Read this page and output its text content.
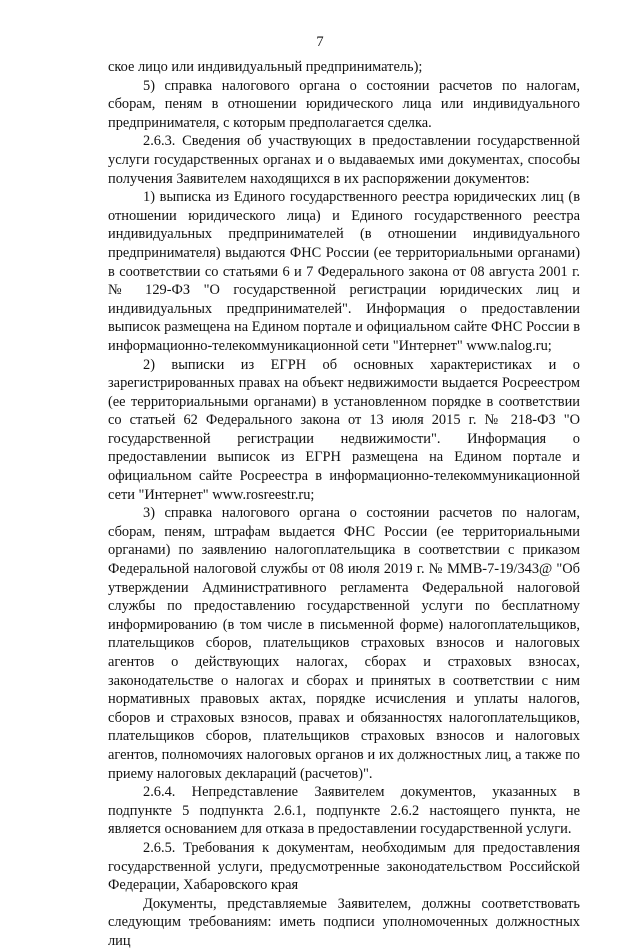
7

ское лицо или индивидуальный предприниматель);

5) справка налогового органа о состоянии расчетов по налогам, сборам, пеням в отношении юридического лица или индивидуального предпринимателя, с которым предполагается сделка.

2.6.3. Сведения об участвующих в предоставлении государственной услуги государственных органах и о выдаваемых ими документах, способы получения Заявителем находящихся в их распоряжении документов:

1) выписка из Единого государственного реестра юридических лиц (в отношении юридического лица) и Единого государственного реестра индивидуальных предпринимателей (в отношении индивидуального предпринимателя) выдаются ФНС России (ее территориальными органами) в соответствии со статьями 6 и 7 Федерального закона от 08 августа 2001 г. № 129-ФЗ "О государственной регистрации юридических лиц и индивидуальных предпринимателей". Информация о предоставлении выписок размещена на Едином портале и официальном сайте ФНС России в информационно-телекоммуникационной сети "Интернет" www.nalog.ru;

2) выписки из ЕГРН об основных характеристиках и о зарегистрированных правах на объект недвижимости выдается Росреестром (ее территориальными органами) в установленном порядке в соответствии со статьей 62 Федерального закона от 13 июля 2015 г. № 218-ФЗ "О государственной регистрации недвижимости". Информация о предоставлении выписок из ЕГРН размещена на Едином портале и официальном сайте Росреестра в информационно-телекоммуникационной сети "Интернет" www.rosreestr.ru;

3) справка налогового органа о состоянии расчетов по налогам, сборам, пеням, штрафам выдается ФНС России (ее территориальными органами) по заявлению налогоплательщика в соответствии с приказом Федеральной налоговой службы от 08 июля 2019 г. № ММВ-7-19/343@ "Об утверждении Административного регламента Федеральной налоговой службы по предоставлению государственной услуги по бесплатному информированию (в том числе в письменной форме) налогоплательщиков, плательщиков сборов, плательщиков страховых взносов и налоговых агентов о действующих налогах, сборах и страховых взносах, законодательстве о налогах и сборах и принятых в соответствии с ним нормативных правовых актах, порядке исчисления и уплаты налогов, сборов и страховых взносов, правах и обязанностях налогоплательщиков, плательщиков сборов, плательщиков страховых взносов и налоговых агентов, полномочиях налоговых органов и их должностных лиц, а также по приему налоговых деклараций (расчетов)".

2.6.4. Непредставление Заявителем документов, указанных в подпункте 5 подпункта 2.6.1, подпункте 2.6.2 настоящего пункта, не является основанием для отказа в предоставлении государственной услуги.

2.6.5. Требования к документам, необходимым для предоставления государственной услуги, предусмотренные законодательством Российской Федерации, Хабаровского края

Документы, представляемые Заявителем, должны соответствовать следующим требованиям: иметь подписи уполномоченных должностных лиц
